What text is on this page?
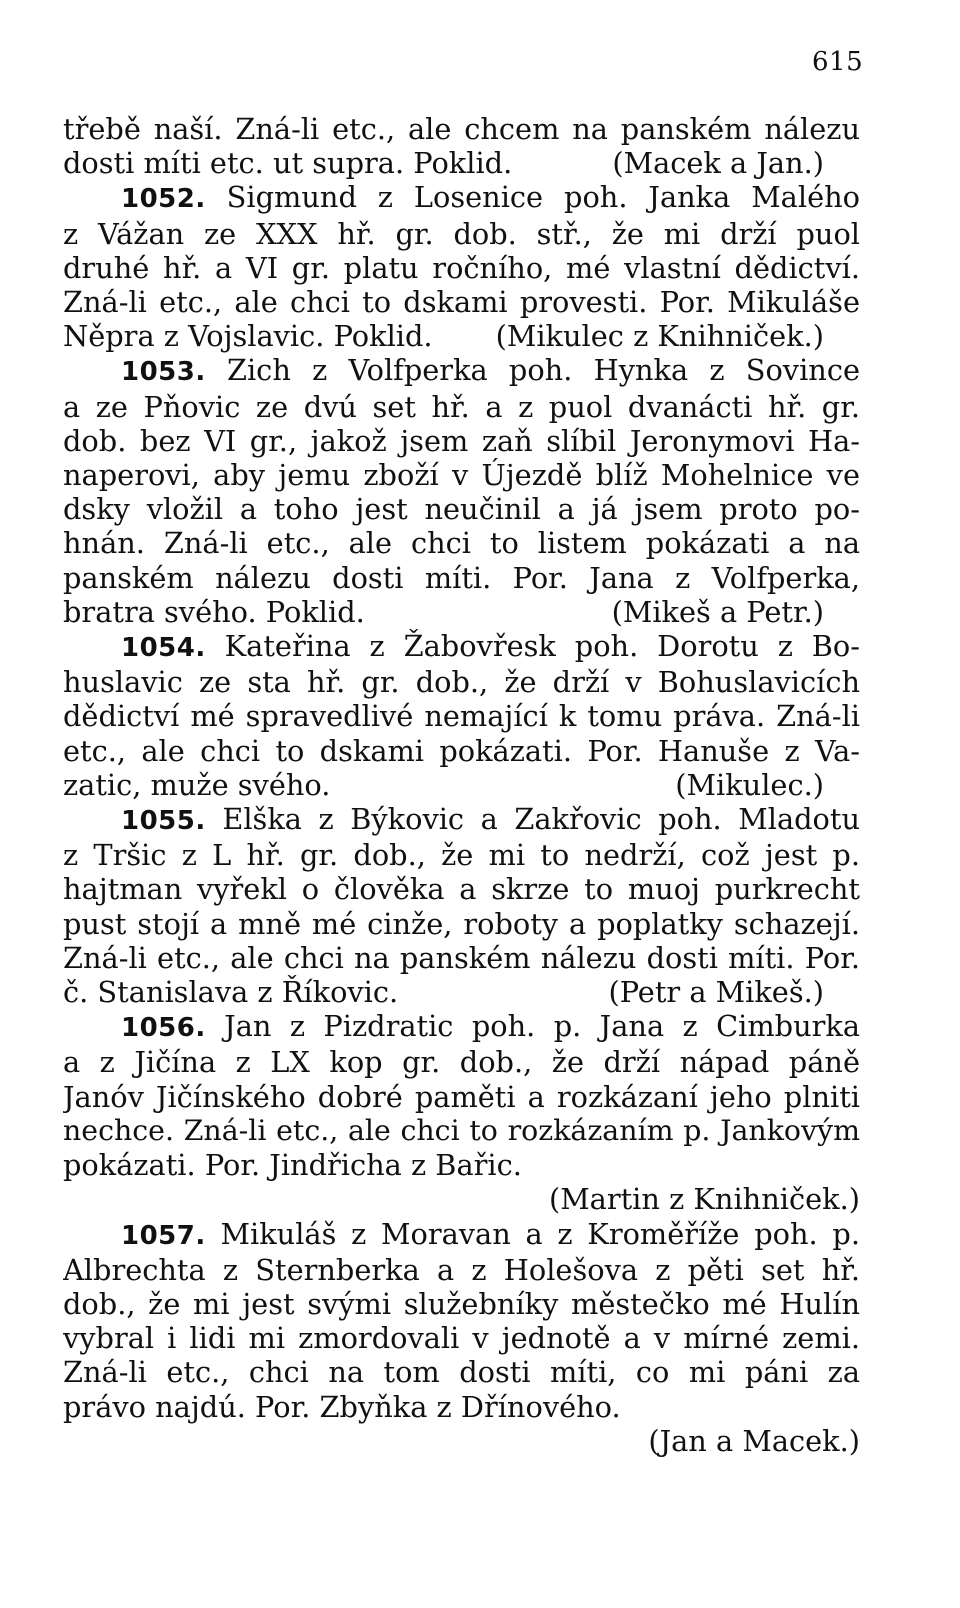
615
třebě naší. Zná-li etc., ale chcem na panském nálezu
dosti míti etc. ut supra. Poklid.	(Macek a Jan.)
1052. Sigmund z Losenice poh. Janka Malého
z Vážan ze XXX hř. gr. dob. stř., že mi drží puol
druhé hř. a VI gr. platu ročního, mé vlastní dědictví.
Zná-li etc., ale chci to dskami provesti. Por. Mikuláše
Něpra z Vojslavic. Poklid. (Mikulec z Knihniček.)
1053. Zich z Volfperka poh. Hynka z Sovince
a ze Pňovic ze dvú set hř. a z puol dvanácti hř. gr.
dob. bez VI gr., jakož jsem zaň slíbil Jeronymovi Ha-
naperovi, aby jemu zboží v Újezdě blíž Mohelnice ve
dsky vložil a toho jest neučinil a já jsem proto po-
hnán. Zná-li etc., ale chci to listem pokázati a na
panském nálezu dosti míti. Por. Jana z Volfperka,
bratra svého. Poklid.	(Mikeš a Petr.)
1054. Kateřina z Žabovřesk poh. Dorotu z Bo-
huslavic ze sta hř. gr. dob., že drží v Bohuslavicích
dědictví mé spravedlivé nemající k tomu práva. Zná-li
etc., ale chci to dskami pokázati. Por. Hanuše z Va-
zatic, muže svého.	(Mikulec.)
1055. Elška z Býkovic a Zakřovic poh. Mladotu
z Tršic z L hř. gr. dob., že mi to nedrží, což jest p.
hajtman vyřekl o člověka a skrze to muoj purkrecht
pust stojí a mně mé cinže, roboty a poplatky schazejí.
Zná-li etc., ale chci na panském nálezu dosti míti. Por.
č. Stanislava z Říkovic.	(Petr a Mikeš.)
1056. Jan z Pizdratic poh. p. Jana z Cimburka
a z Jičína z LX kop gr. dob., že drží nápad páně
Janóv Jičínského dobré paměti a rozkázaní jeho plniti
nechce. Zná-li etc., ale chci to rozkázaním p. Jankovým
pokázati. Por. Jindřicha z Bařic.
(Martin z Knihniček.)
1057. Mikuláš z Moravan a z Kroměříže poh. p.
Albrechta z Sternberka a z Holešova z pěti set hř.
dob., že mi jest svými služebníky městečko mé Hulín
vybral i lidi mi zmordovali v jednotě a v mírné zemi.
Zná-li etc., chci na tom dosti míti, co mi páni za
právo najdú. Por. Zbyňka z Dřínového.
(Jan a Macek.)
